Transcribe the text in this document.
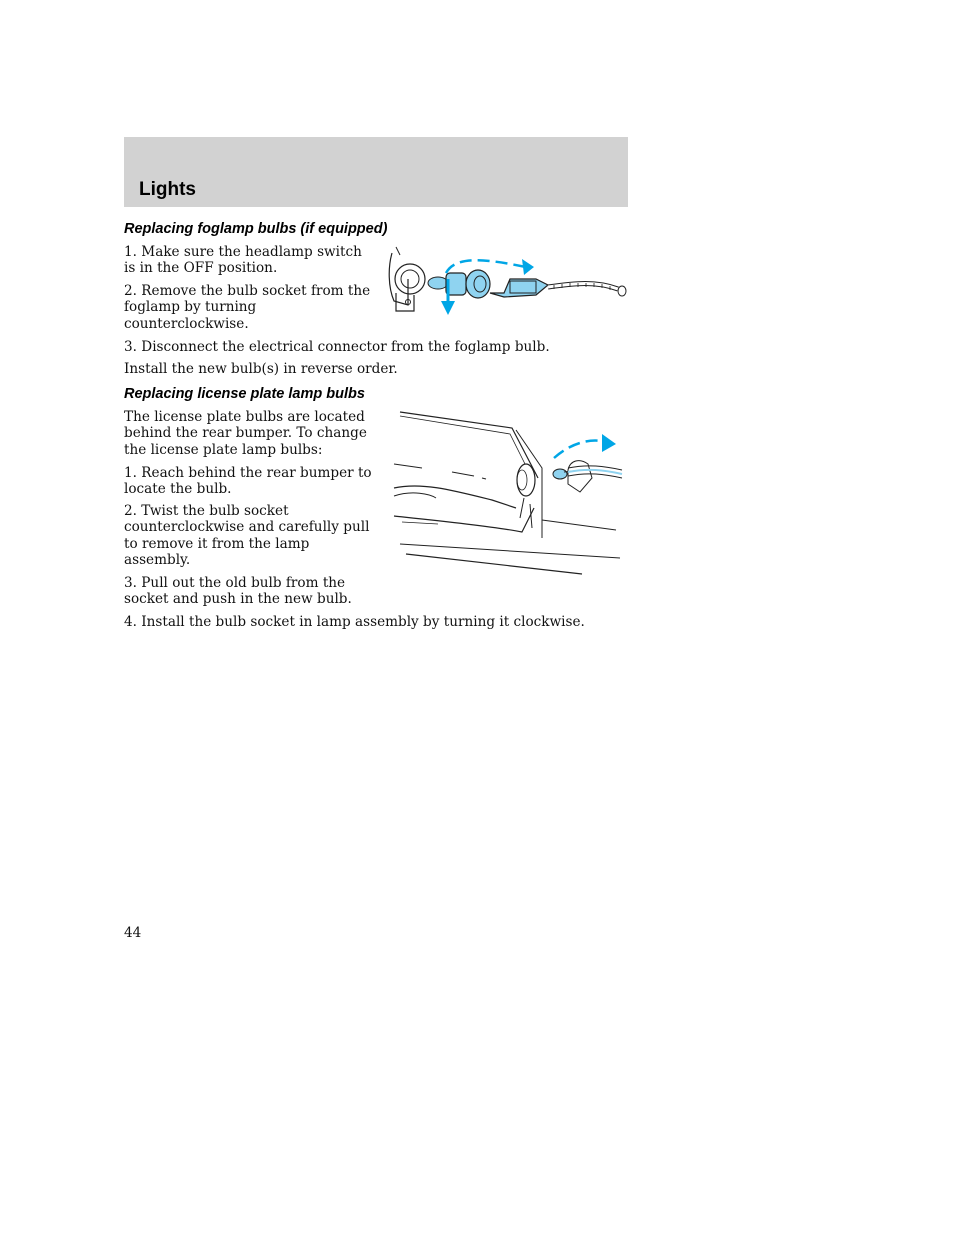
Lights
Replacing foglamp bulbs (if equipped)

1. Make sure the headlamp switch is in the OFF position.

2. Remove the bulb socket from the foglamp by turning counterclockwise.

3. Disconnect the electrical connector from the foglamp bulb.

Install the new bulb(s) in reverse order.

Replacing license plate lamp bulbs

The license plate bulbs are located behind the rear bumper. To change the license plate lamp bulbs:

1. Reach behind the rear bumper to locate the bulb.

2. Twist the bulb socket counterclockwise and carefully pull to remove it from the lamp assembly.

3. Pull out the old bulb from the socket and push in the new bulb.

4. Install the bulb socket in lamp assembly by turning it clockwise.

44
